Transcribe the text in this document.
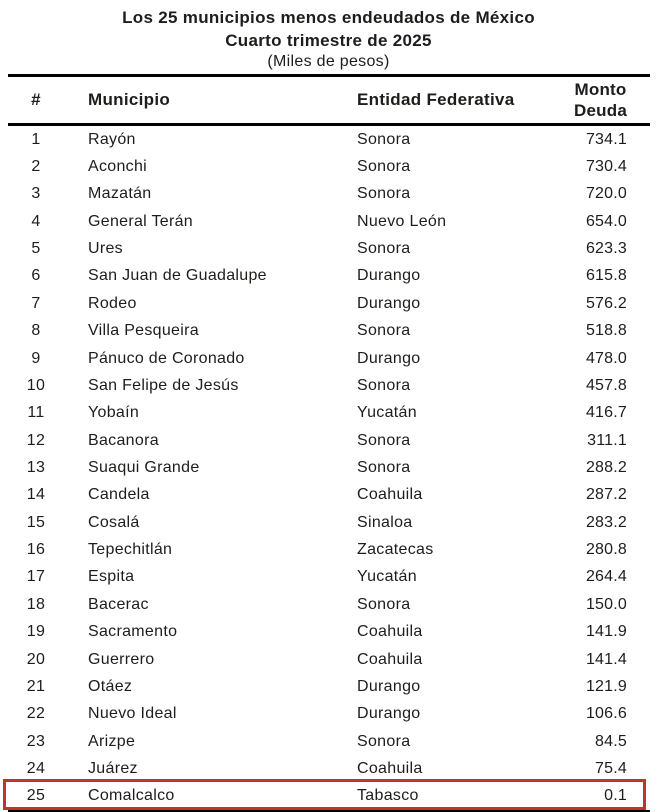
Los 25 municipios menos endeudados de México
Cuarto trimestre de 2025
(Miles de pesos)
#	Municipio	Entidad Federativa
Monto
Deuda
1	Rayón	Sonora	734.1
2	Aconchi	Sonora	730.4
3	Mazatán	Sonora	720.0
4	General Terán	Nuevo León	654.0
5	Ures	Sonora	623.3
6	San Juan de Guadalupe	Durango	615.8
7	Rodeo	Durango	576.2
8	Villa Pesqueira	Sonora	518.8
9	Pánuco de Coronado	Durango	478.0
10	San Felipe de Jesús	Sonora	457.8
11	Yobaín	Yucatán	416.7
12	Bacanora	Sonora	311.1
13	Suaqui Grande	Sonora	288.2
14	Candela	Coahuila	287.2
15	Cosalá	Sinaloa	283.2
16	Tepechitlán	Zacatecas	280.8
17	Espita	Yucatán	264.4
18	Bacerac	Sonora	150.0
19	Sacramento	Coahuila	141.9
20	Guerrero	Coahuila	141.4
21	Otáez	Durango	121.9
22	Nuevo Ideal	Durango	106.6
23	Arizpe	Sonora	84.5
24	Juárez	Coahuila	75.4
25	Comalcalco	Tabasco	0.1
